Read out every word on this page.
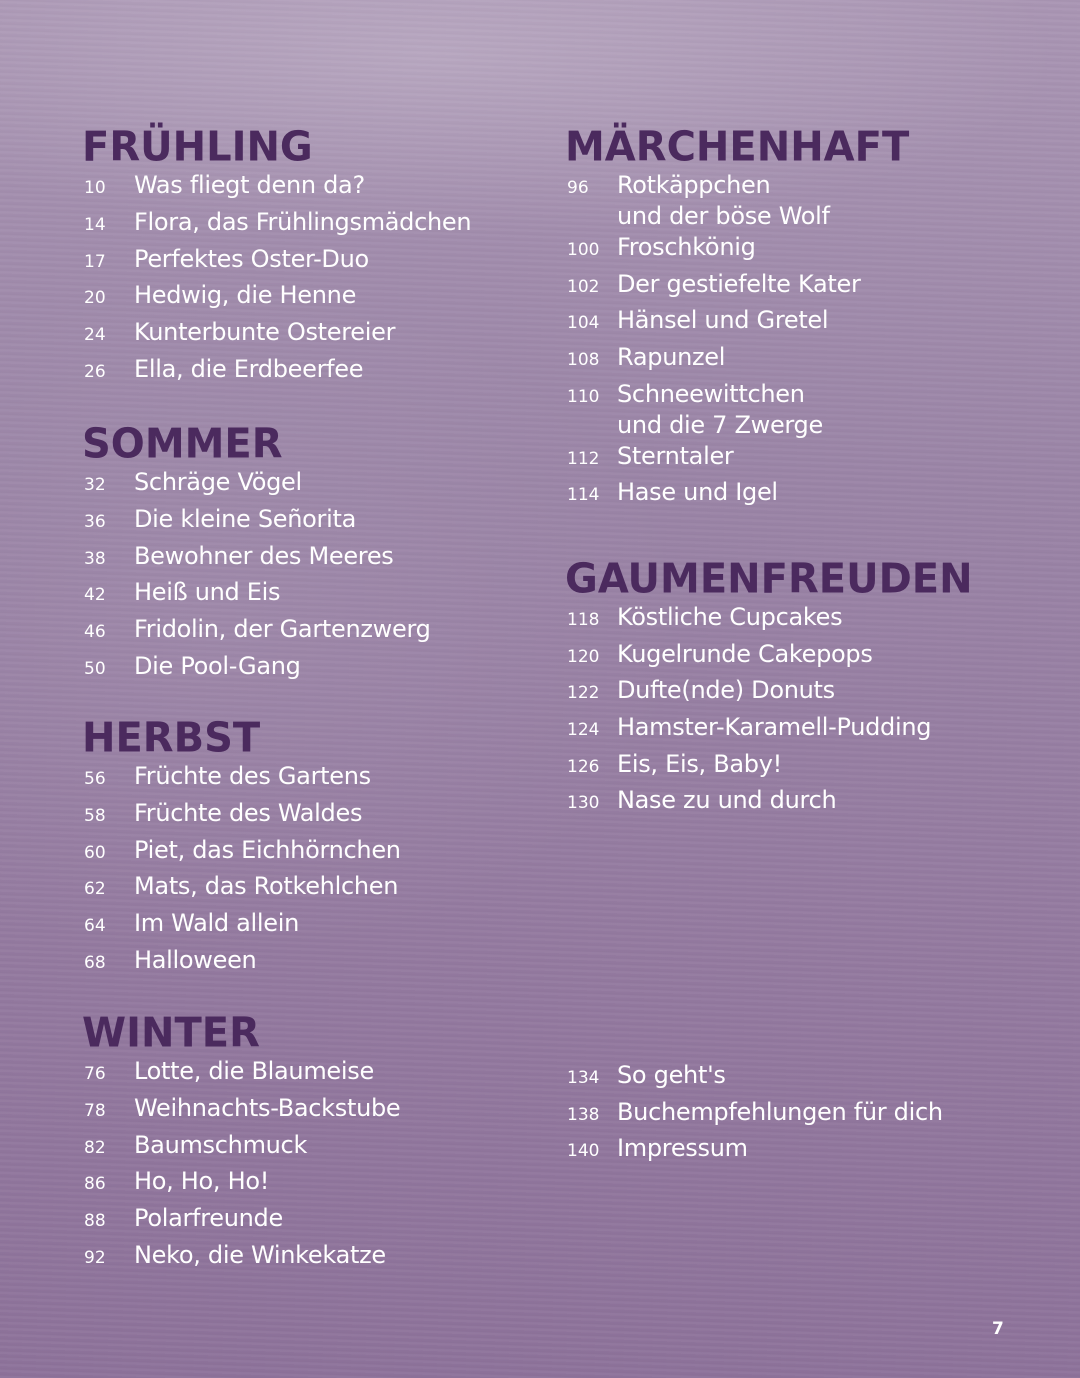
FRÜHLING
10	Was fliegt denn da?
14	Flora, das Frühlingsmädchen
17	Perfektes Oster-Duo
20	Hedwig, die Henne
24	Kunterbunte Ostereier
26	Ella, die Erdbeerfee
SOMMER
32	Schräge Vögel
36	Die kleine Señorita
38	Bewohner des Meeres
42	Heiß und Eis
46	Fridolin, der Gartenzwerg
50	Die Pool-Gang
HERBST
56	Früchte des Gartens
58	Früchte des Waldes
60	Piet, das Eichhörnchen
62	Mats, das Rotkehlchen
64	Im Wald allein
68	Halloween
WINTER
76	Lotte, die Blaumeise
78	Weihnachts-Backstube
82	Baumschmuck
86	Ho, Ho, Ho!
88	Polarfreunde
92	Neko, die Winkekatze
MÄRCHENHAFT
96	Rotkäppchen
und der böse Wolf
100 Froschkönig
102 Der gestiefelte Kater
104 Hänsel und Gretel
108 Rapunzel
110 Schneewittchen
und die 7 Zwerge
112 Sterntaler
114 Hase und Igel
GAUMENFREUDEN
118 Köstliche Cupcakes
120 Kugelrunde Cakepops
122 Dufte(nde) Donuts
124 Hamster-Karamell-Pudding
126 Eis, Eis, Baby!
130 Nase zu und durch
134 So geht's
138 Buchempfehlungen für dich
140 Impressum
7
